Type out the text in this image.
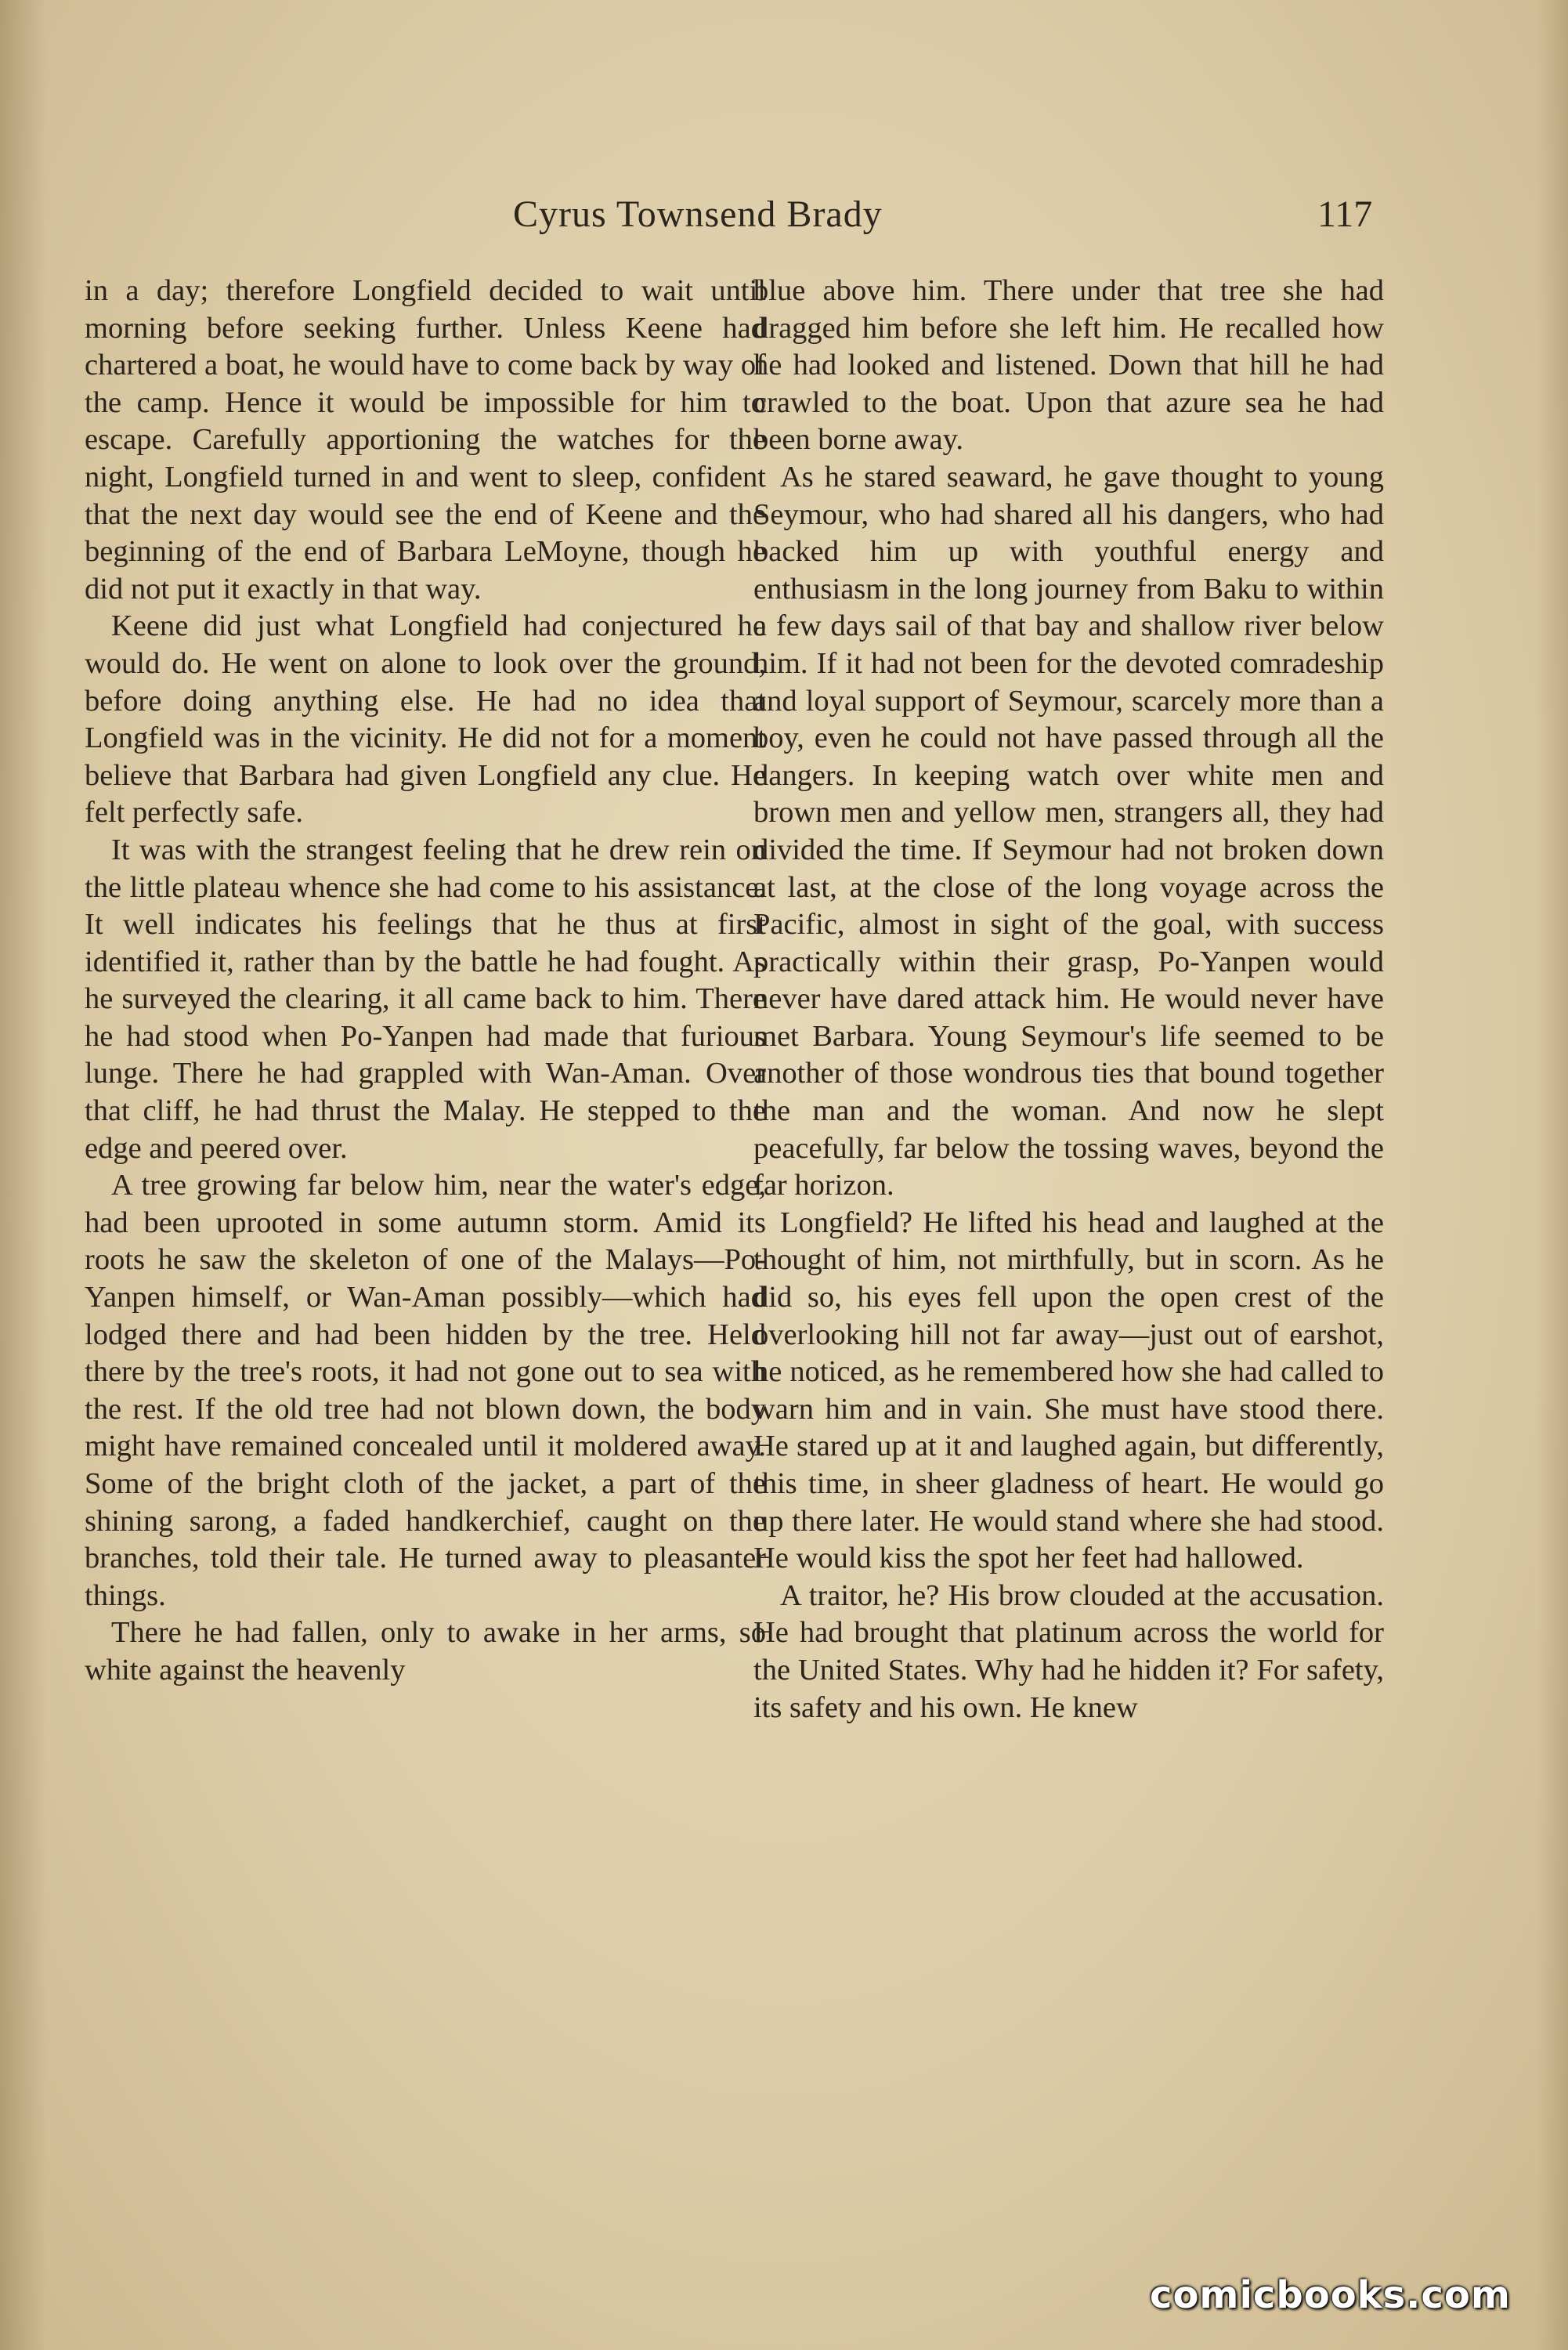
Cyrus Townsend Brady	117

in a day; therefore Longfield decided to wait until morning before seeking further. Unless Keene had chartered a boat, he would have to come back by way of the camp. Hence it would be impossible for him to escape. Carefully apportioning the watches for the night, Longfield turned in and went to sleep, confident that the next day would see the end of Keene and the beginning of the end of Barbara LeMoyne, though he did not put it exactly in that way.

Keene did just what Longfield had conjectured he would do. He went on alone to look over the ground, before doing anything else. He had no idea that Longfield was in the vicinity. He did not for a moment believe that Barbara had given Longfield any clue. He felt perfectly safe.

It was with the strangest feeling that he drew rein on the little plateau whence she had come to his assistance. It well indicates his feelings that he thus at first identified it, rather than by the battle he had fought. As he surveyed the clearing, it all came back to him. There he had stood when Po-Yanpen had made that furious lunge. There he had grappled with Wan-Aman. Over that cliff, he had thrust the Malay. He stepped to the edge and peered over.

A tree growing far below him, near the water's edge, had been uprooted in some autumn storm. Amid its roots he saw the skeleton of one of the Malays—Po-Yanpen himself, or Wan-Aman possibly—which had lodged there and had been hidden by the tree. Held there by the tree's roots, it had not gone out to sea with the rest. If the old tree had not blown down, the body might have remained concealed until it moldered away. Some of the bright cloth of the jacket, a part of the shining sarong, a faded handkerchief, caught on the branches, told their tale. He turned away to pleasanter things.

There he had fallen, only to awake in her arms, so white against the heavenly

blue above him. There under that tree she had dragged him before she left him. He recalled how he had looked and listened. Down that hill he had crawled to the boat. Upon that azure sea he had been borne away.

As he stared seaward, he gave thought to young Seymour, who had shared all his dangers, who had backed him up with youthful energy and enthusiasm in the long journey from Baku to within a few days sail of that bay and shallow river below him. If it had not been for the devoted comradeship and loyal support of Seymour, scarcely more than a boy, even he could not have passed through all the dangers. In keeping watch over white men and brown men and yellow men, strangers all, they had divided the time. If Seymour had not broken down at last, at the close of the long voyage across the Pacific, almost in sight of the goal, with success practically within their grasp, Po-Yanpen would never have dared attack him. He would never have met Barbara. Young Seymour's life seemed to be another of those wondrous ties that bound together the man and the woman. And now he slept peacefully, far below the tossing waves, beyond the far horizon.

Longfield? He lifted his head and laughed at the thought of him, not mirthfully, but in scorn. As he did so, his eyes fell upon the open crest of the overlooking hill not far away—just out of earshot, he noticed, as he remembered how she had called to warn him and in vain. She must have stood there. He stared up at it and laughed again, but differently, this time, in sheer gladness of heart. He would go up there later. He would stand where she had stood. He would kiss the spot her feet had hallowed.

A traitor, he? His brow clouded at the accusation. He had brought that platinum across the world for the United States. Why had he hidden it? For safety, its safety and his own. He knew

comicbooks.com
